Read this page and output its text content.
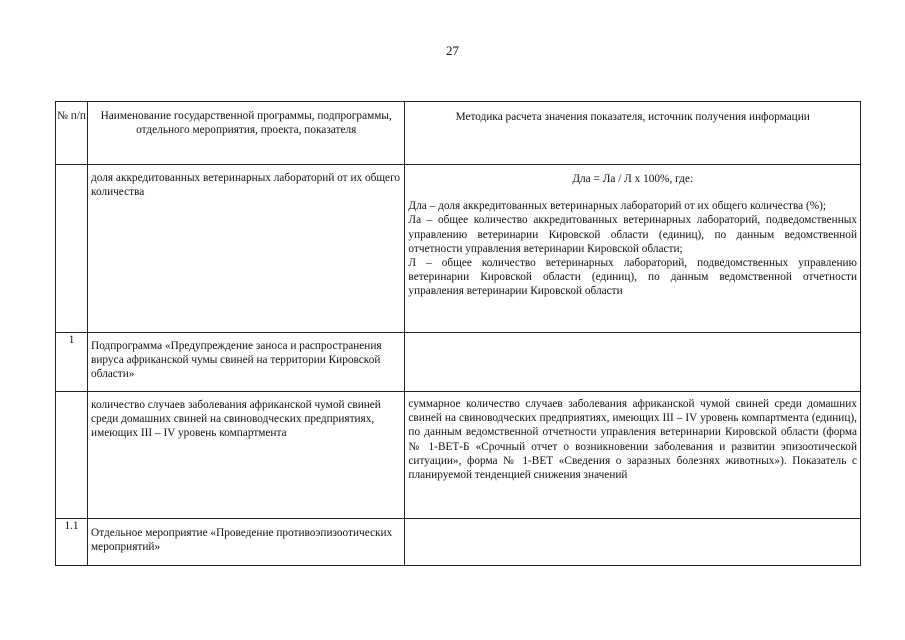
27
№ п/п	Наименование государственной программы, подпрограммы, отдельного мероприятия, проекта, показателя	Методика расчета значения показателя, источник получения информации
	доля аккредитованных ветеринарных лабораторий от их общего количества	Дла = Ла / Л х 100%, где:
Дла – доля аккредитованных ветеринарных лабораторий от их общего количества (%);
Ла – общее количество аккредитованных ветеринарных лабораторий, подведомственных управлению ветеринарии Кировской области (единиц), по данным ведомственной отчетности управления ветеринарии Кировской области;
Л – общее количество ветеринарных лабораторий, подведомственных управлению ветеринарии Кировской области (единиц), по данным ведомственной отчетности управления ветеринарии Кировской области

1	Подпрограмма «Предупреждение заноса и распространения вируса африканской чумы свиней на территории Кировской области»	
	количество случаев заболевания африканской чумой свиней среди домашних свиней на свиноводческих предприятиях, имеющих III – IV уровень компартмента	суммарное количество случаев заболевания африканской чумой свиней среди домашних свиней на свиноводческих предприятиях, имеющих III – IV уровень компартмента (единиц), по данным ведомственной отчетности управления ветеринарии Кировской области (форма № 1-ВЕТ-Б «Срочный отчет о возникновении заболевания и развитии эпизоотической ситуации», форма № 1-ВЕТ «Сведения о заразных болезнях животных»). Показатель с планируемой тенденцией снижения значений
1.1	Отдельное мероприятие «Проведение противоэпизоотических мероприятий»	
